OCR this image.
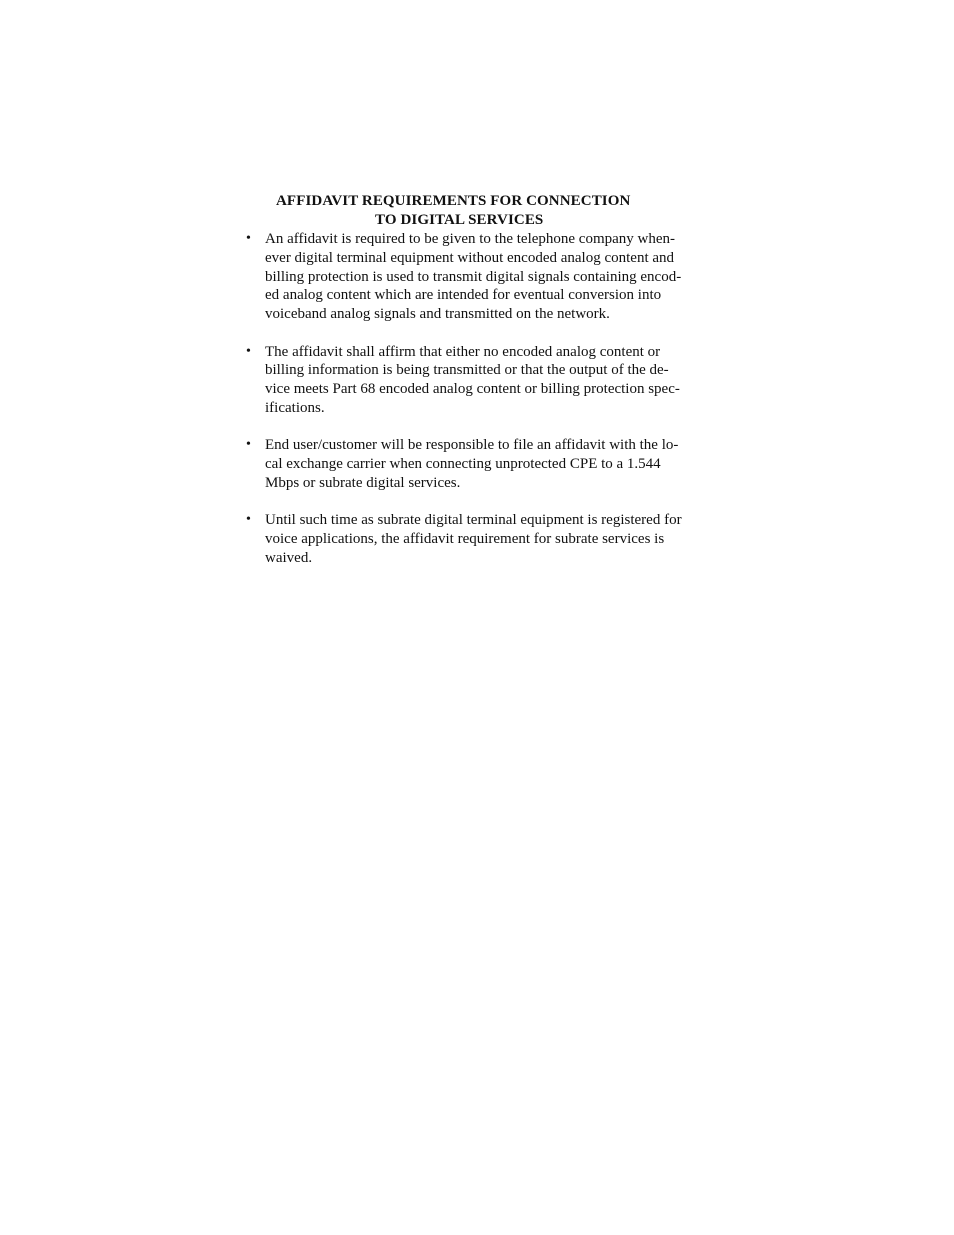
AFFIDAVIT REQUIREMENTS FOR CONNECTION
TO DIGITAL SERVICES
• An affidavit is required to be given to the telephone company when-
ever digital terminal equipment without encoded analog content and
billing protection is used to transmit digital signals containing encod-
ed analog content which are intended for eventual conversion into
voiceband analog signals and transmitted on the network.
• The affidavit shall affirm that either no encoded analog content or
billing information is being transmitted or that the output of the de-
vice meets Part 68 encoded analog content or billing protection spec-
ifications.
• End user/customer will be responsible to file an affidavit with the lo-
cal exchange carrier when connecting unprotected CPE to a 1.544
Mbps or subrate digital services.
• Until such time as subrate digital terminal equipment is registered for
voice applications, the affidavit requirement for subrate services is
waived.
